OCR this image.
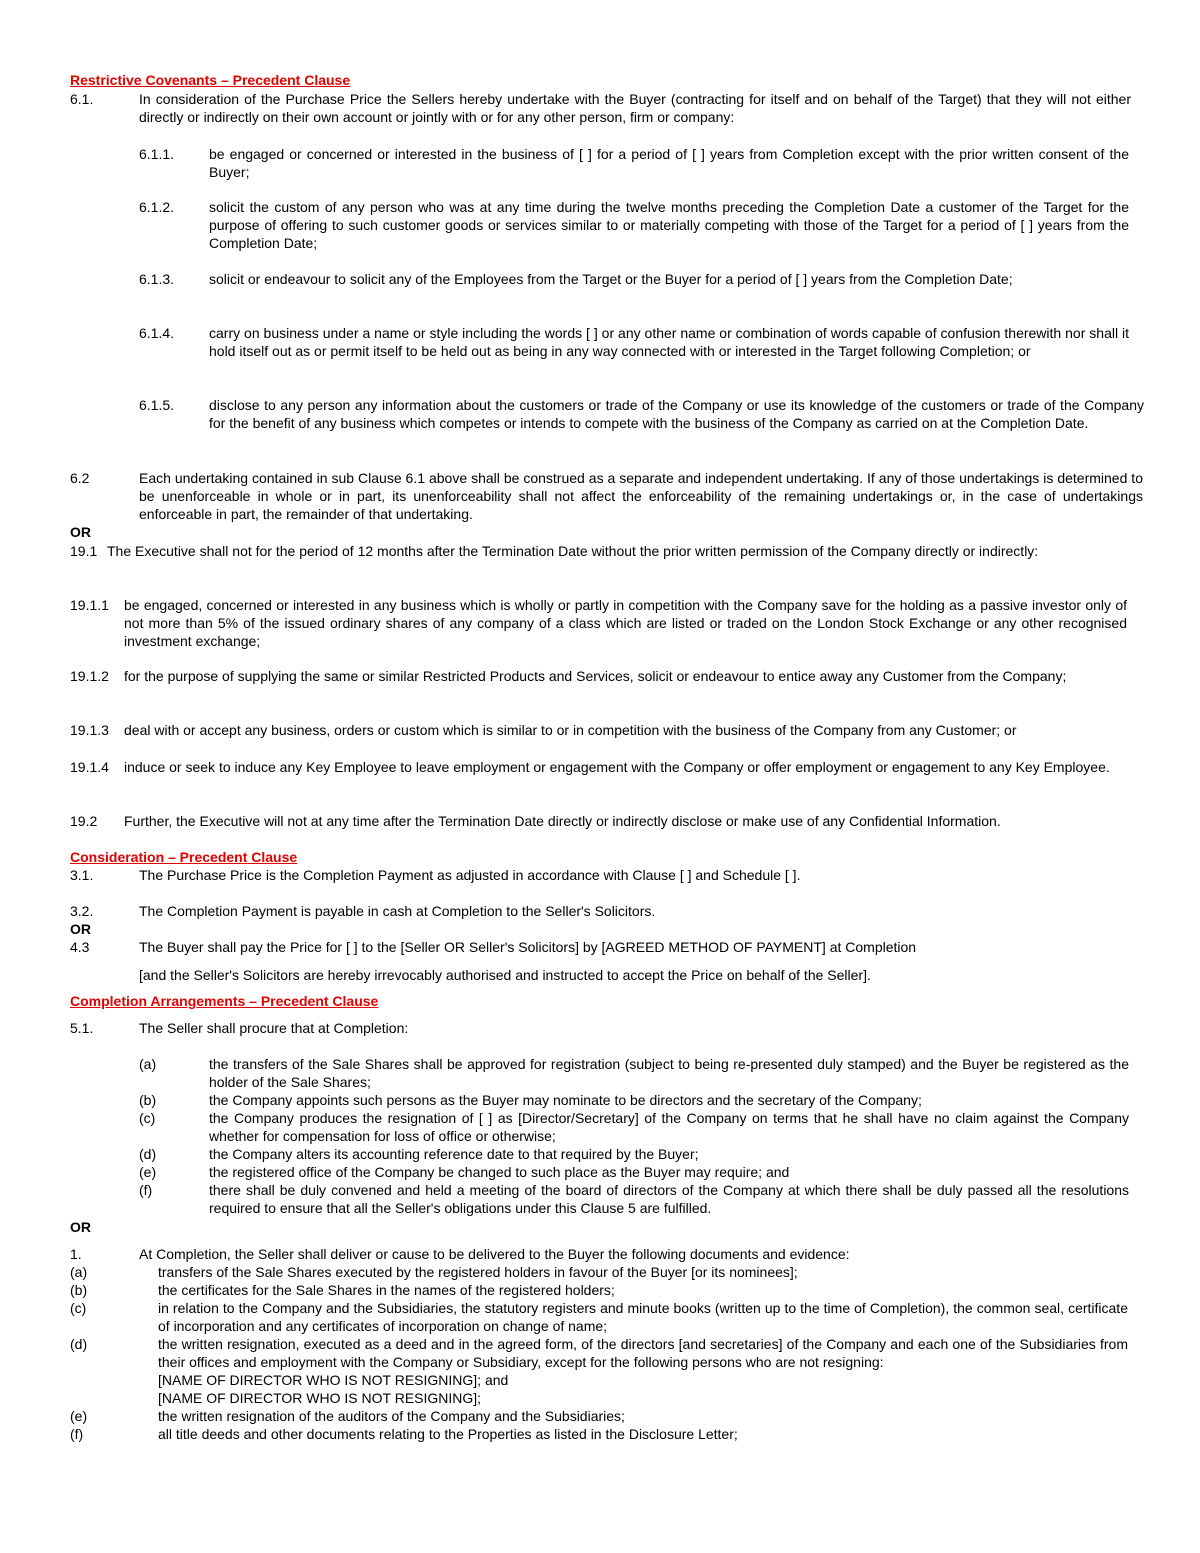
Restrictive Covenants – Precedent Clause
6.1.	In consideration of the Purchase Price the Sellers hereby undertake with the Buyer (contracting for itself and on behalf of the Target) that they will not either directly or indirectly on their own account or jointly with or for any other person, firm or company:
6.1.1. be engaged or concerned or interested in the business of [ ] for a period of [ ] years from Completion except with the prior written consent of the Buyer;
6.1.2. solicit the custom of any person who was at any time during the twelve months preceding the Completion Date a customer of the Target for the purpose of offering to such customer goods or services similar to or materially competing with those of the Target for a period of [ ] years from the Completion Date;
6.1.3. solicit or endeavour to solicit any of the Employees from the Target or the Buyer for a period of [ ] years from the Completion Date;
6.1.4. carry on business under a name or style including the words [ ] or any other name or combination of words capable of confusion therewith nor shall it hold itself out as or permit itself to be held out as being in any way connected with or interested in the Target following Completion; or
6.1.5. disclose to any person any information about the customers or trade of the Company or use its knowledge of the customers or trade of the Company for the benefit of any business which competes or intends to compete with the business of the Company as carried on at the Completion Date.
6.2	Each undertaking contained in sub Clause 6.1 above shall be construed as a separate and independent undertaking. If any of those undertakings is determined to be unenforceable in whole or in part, its unenforceability shall not affect the enforceability of the remaining undertakings or, in the case of undertakings enforceable in part, the remainder of that undertaking.
OR
19.1 The Executive shall not for the period of 12 months after the Termination Date without the prior written permission of the Company directly or indirectly:
19.1.1 be engaged, concerned or interested in any business which is wholly or partly in competition with the Company save for the holding as a passive investor only of not more than 5% of the issued ordinary shares of any company of a class which are listed or traded on the London Stock Exchange or any other recognised investment exchange;
19.1.2 for the purpose of supplying the same or similar Restricted Products and Services, solicit or endeavour to entice away any Customer from the Company;
19.1.3 deal with or accept any business, orders or custom which is similar to or in competition with the business of the Company from any Customer; or
19.1.4 induce or seek to induce any Key Employee to leave employment or engagement with the Company or offer employment or engagement to any Key Employee.
19.2 Further, the Executive will not at any time after the Termination Date directly or indirectly disclose or make use of any Confidential Information.
Consideration – Precedent Clause
3.1.	The Purchase Price is the Completion Payment as adjusted in accordance with Clause [ ] and Schedule [ ].
3.2.	The Completion Payment is payable in cash at Completion to the Seller's Solicitors.
OR
4.3	The Buyer shall pay the Price for [ ] to the [Seller OR Seller's Solicitors] by [AGREED METHOD OF PAYMENT] at Completion
[and the Seller's Solicitors are hereby irrevocably authorised and instructed to accept the Price on behalf of the Seller].
Completion Arrangements – Precedent Clause
5.1.	The Seller shall procure that at Completion:
(a)	the transfers of the Sale Shares shall be approved for registration (subject to being re-presented duly stamped) and the Buyer be registered as the holder of the Sale Shares;
(b)	the Company appoints such persons as the Buyer may nominate to be directors and the secretary of the Company;
(c)	the Company produces the resignation of [ ] as [Director/Secretary] of the Company on terms that he shall have no claim against the Company whether for compensation for loss of office or otherwise;
(d)	the Company alters its accounting reference date to that required by the Buyer;
(e)	the registered office of the Company be changed to such place as the Buyer may require; and
(f)	there shall be duly convened and held a meeting of the board of directors of the Company at which there shall be duly passed all the resolutions required to ensure that all the Seller's obligations under this Clause 5 are fulfilled.
OR
1.	At Completion, the Seller shall deliver or cause to be delivered to the Buyer the following documents and evidence:
(a)	transfers of the Sale Shares executed by the registered holders in favour of the Buyer [or its nominees];
(b)	the certificates for the Sale Shares in the names of the registered holders;
(c)	in relation to the Company and the Subsidiaries, the statutory registers and minute books (written up to the time of Completion), the common seal, certificate of incorporation and any certificates of incorporation on change of name;
(d)	the written resignation, executed as a deed and in the agreed form, of the directors [and secretaries] of the Company and each one of the Subsidiaries from their offices and employment with the Company or Subsidiary, except for the following persons who are not resigning:
[NAME OF DIRECTOR WHO IS NOT RESIGNING]; and
[NAME OF DIRECTOR WHO IS NOT RESIGNING];
(e)	the written resignation of the auditors of the Company and the Subsidiaries;
(f)	all title deeds and other documents relating to the Properties as listed in the Disclosure Letter;
